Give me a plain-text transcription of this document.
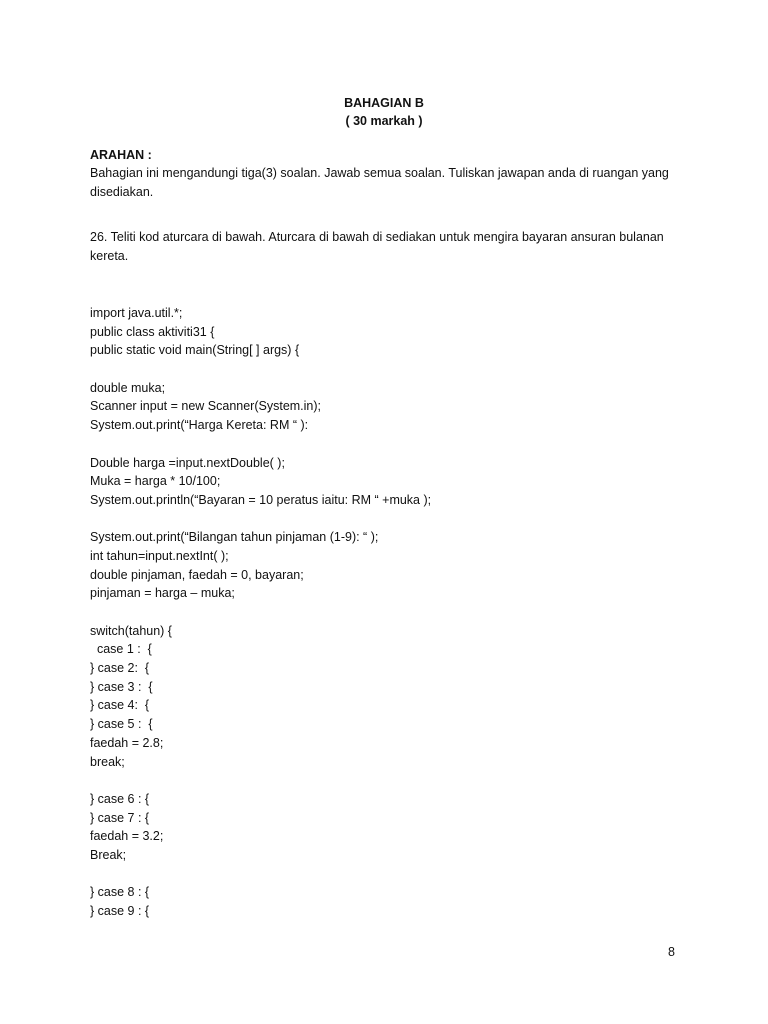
BAHAGIAN B
( 30 markah )
ARAHAN :
Bahagian ini mengandungi tiga(3) soalan. Jawab semua soalan. Tuliskan jawapan anda di ruangan yang disediakan.
26. Teliti kod aturcara di bawah. Aturcara di bawah di sediakan untuk mengira bayaran ansuran bulanan kereta.
import java.util.*;
public class aktiviti31 {
public static void main(String[ ] args) {
double muka;
Scanner input = new Scanner(System.in);
System.out.print(“Harga Kereta: RM “ ):
Double harga =input.nextDouble( );
Muka = harga * 10/100;
System.out.println(“Bayaran = 10 peratus iaitu: RM “ +muka );
System.out.print(“Bilangan tahun pinjaman (1-9): “ );
int tahun=input.nextInt( );
double pinjaman, faedah = 0, bayaran;
pinjaman = harga – muka;
switch(tahun) {
case 1 :  {
} case 2:  {
} case 3 :  {
} case 4:  {
} case 5 :  {
faedah = 2.8;
break;
} case 6 : {
} case 7 : {
faedah = 3.2;
Break;
} case 8 : {
} case 9 : {
8
